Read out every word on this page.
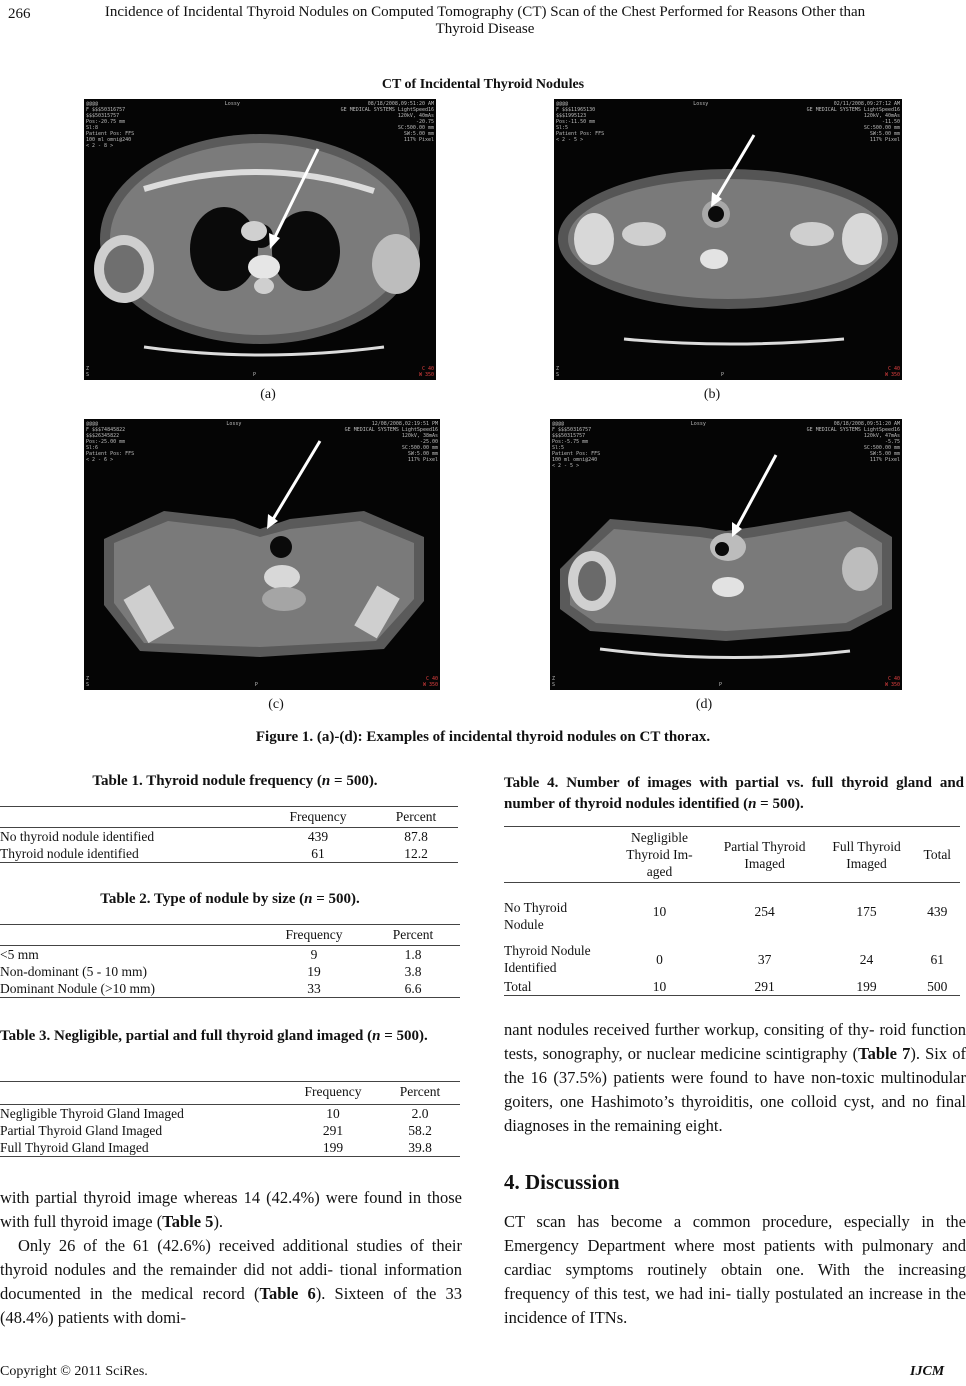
266	Incidence of Incidental Thyroid Nodules on Computed Tomography (CT) Scan of the Chest Performed for Reasons Other than Thyroid Disease
CT of Incidental Thyroid Nodules
@@@@
F $$$50316757
$$$50315757
Pos:-20.75 mm
Sl:8
Patient Pos: FFS
100 ml omni@240
< 2 - 8 >
08/18/2008,09:51:20 AM
GE MEDICAL SYSTEMS LightSpeed16
120kV, 40mAs
-20.75
SC:500.00 mm
SW:5.00 mm
117% Pixel
Lossy
Z
S	P
C 40
W 350
@@@@
F $$$11965130
$$$1995123
Pos:-11.50 mm
Sl:5
Patient Pos: FFS
< 2 - 5 >
02/11/2008,09:27:12 AM
GE MEDICAL SYSTEMS LightSpeed16
120kV, 40mAs
-11.50
SC:500.00 mm
SW:5.00 mm
117% Pixel
Lossy
Z
S	P
C 40
W 350
(a)	(b)
@@@@
F $$$74845822
$$$26345822
Pos:-25.00 mm
Sl:6
Patient Pos: FFS
< 2 - 6 >
12/08/2008,02:19:51 PM
GE MEDICAL SYSTEMS LightSpeed16
120kV, 38mAs
-25.00
SC:500.00 mm
SW:5.00 mm
117% Pixel
Lossy
Z
S	P
C 40
W 350
@@@@
F $$$50316757
$$$50315757
Pos:-5.75 mm
Sl:5
Patient Pos: FFS
100 ml omni@240
< 2 - 5 >
08/18/2008,09:51:20 AM
GE MEDICAL SYSTEMS LightSpeed16
120kV, 47mAs
-5.75
SC:500.00 mm
SW:5.00 mm
117% Pixel
Lossy
Z
S	P
C 40
W 350
(c)	(d)
Figure 1. (a)-(d): Examples of incidental thyroid nodules on CT thorax.
Table 1. Thyroid nodule frequency (n = 500).
	Frequency	Percent
No thyroid nodule identified	439	87.8
Thyroid nodule identified	61	12.2
Table 2. Type of nodule by size (n = 500).
	Frequency	Percent
<5 mm	9	1.8
Non-dominant (5 - 10 mm)	19	3.8
Dominant Nodule (>10 mm)	33	6.6
Table 3. Negligible, partial and full thyroid gland imaged (n = 500).
	Frequency	Percent
Negligible Thyroid Gland Imaged	10	2.0
Partial Thyroid Gland Imaged	291	58.2
Full Thyroid Gland Imaged	199	39.8

with partial thyroid image whereas 14 (42.4%) were found in those with full thyroid image (Table 5).

Only 26 of the 61 (42.6%) received additional studies of their thyroid nodules and the remainder did not addi- tional information documented in the medical record (Table 6). Sixteen of the 33 (48.4%) patients with domi-

Table 4. Number of images with partial vs. full thyroid gland and number of thyroid nodules identified (n = 500).
	Negligible Thyroid Im- aged	Partial Thyroid Imaged	Full Thyroid Imaged	Total
No Thyroid Nodule	10	254	175	439
Thyroid Nodule Identified	0	37	24	61
Total	10	291	199	500

nant nodules received further workup, consiting of thy- roid function tests, sonography, or nuclear medicine scintigraphy (Table 7). Six of the 16 (37.5%) patients were found to have non-toxic multinodular goiters, one Hashimoto’s thyroiditis, one colloid cyst, and no final diagnoses in the remaining eight.

4. Discussion
CT scan has become a common procedure, especially in the Emergency Department where most patients with pulmonary and cardiac symptoms routinely obtain one. With the increasing frequency of this test, we had ini- tially postulated an increase in the incidence of ITNs.
Copyright © 2011 SciRes.	IJCM
